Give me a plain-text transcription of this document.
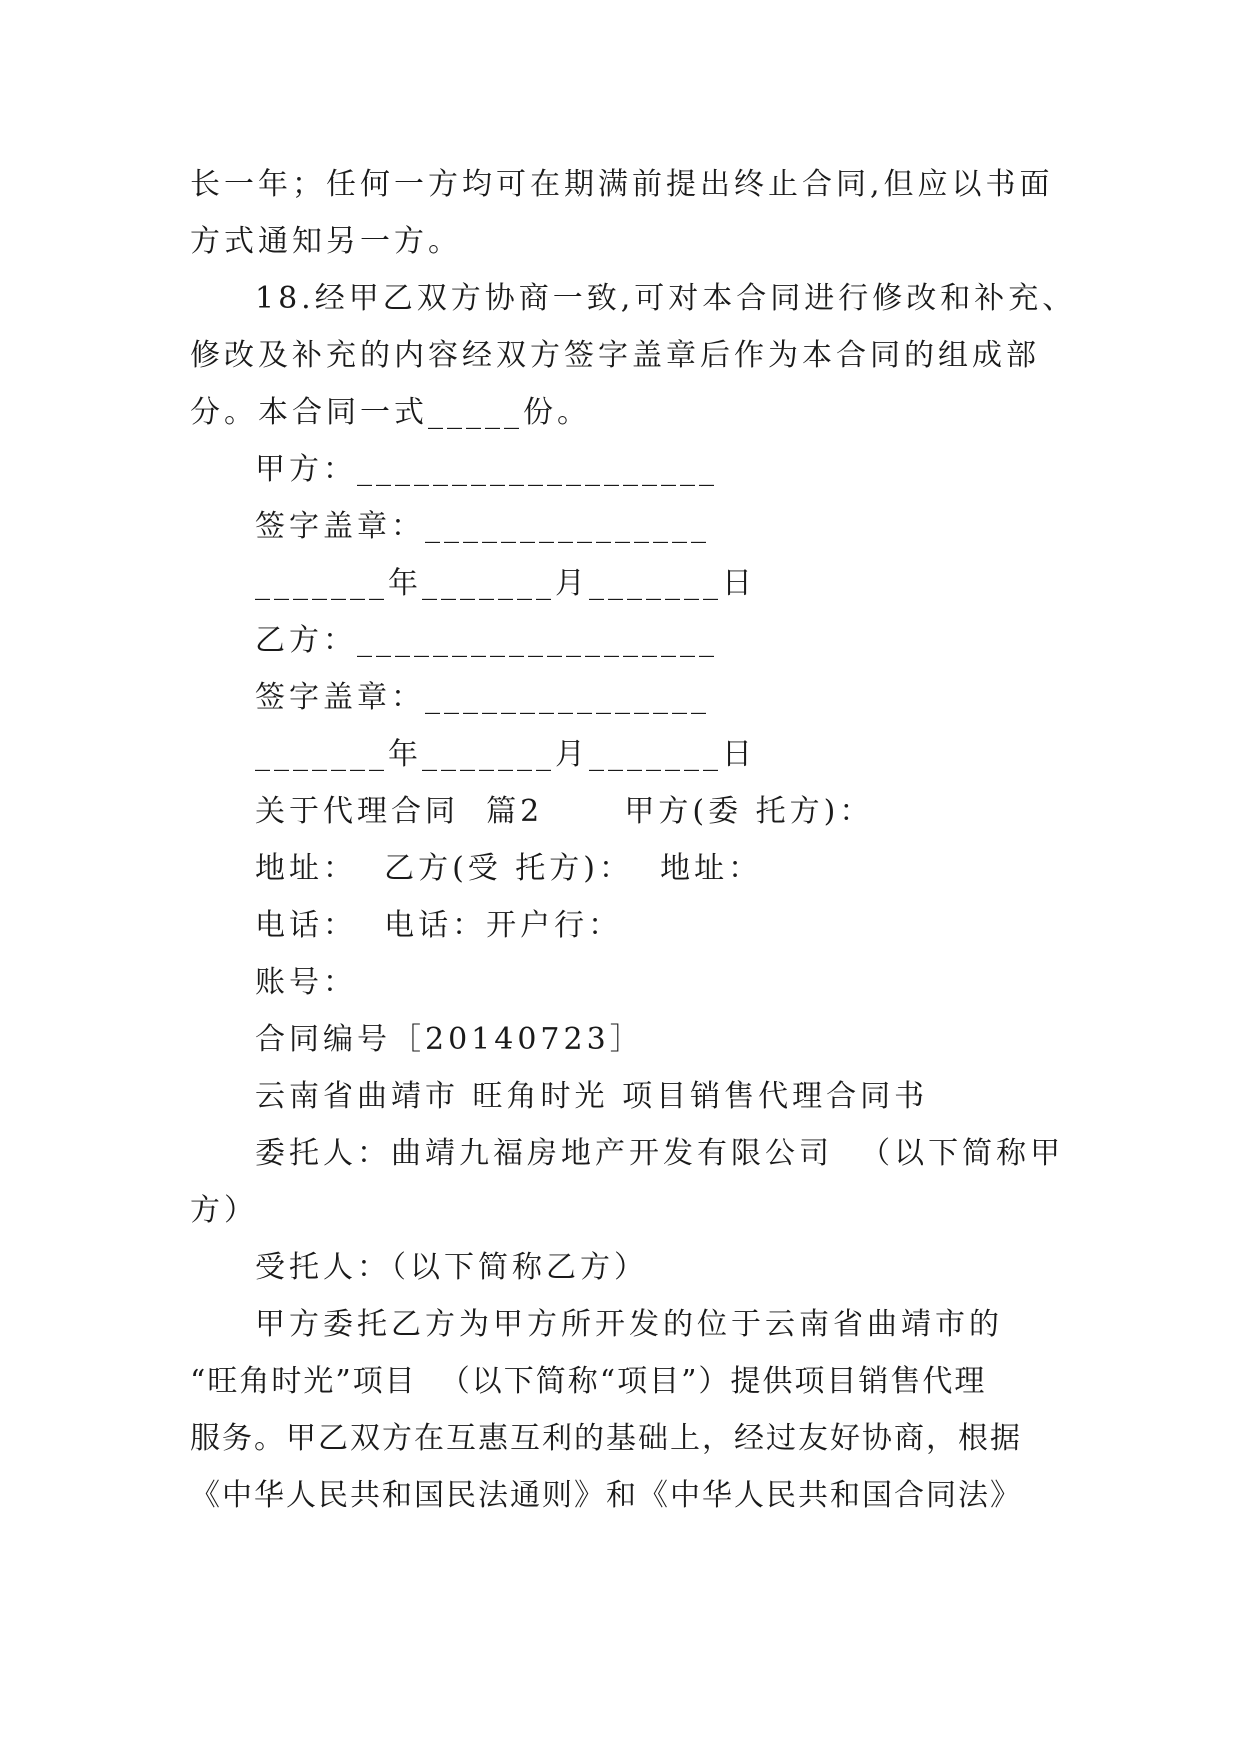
长一年；任何一方均可在期满前提出终止合同,但应以书面
方式通知另一方。
18.经甲乙双方协商一致,可对本合同进行修改和补充、
修改及补充的内容经双方签字盖章后作为本合同的组成部
分。本合同一式_____份。
甲方：___________________
签字盖章：_______________
_______年_______月_______日
乙方：___________________
签字盖章：_______________
_______年_______月_______日
关于代理合同  篇2      甲方(委 托方)：
地址：  乙方(受 托方)：  地址：
电话：  电话：开户行：
账号：
合同编号［20140723］
云南省曲靖市 旺角时光 项目销售代理合同书
委托人：曲靖九福房地产开发有限公司  （以下简称甲
方）
受托人：（以下简称乙方）
甲方委托乙方为甲方所开发的位于云南省曲靖市的
“旺角时光”项目  （以下简称“项目”）提供项目销售代理
服务。甲乙双方在互惠互利的基础上，经过友好协商，根据
《中华人民共和国民法通则》和《中华人民共和国合同法》
